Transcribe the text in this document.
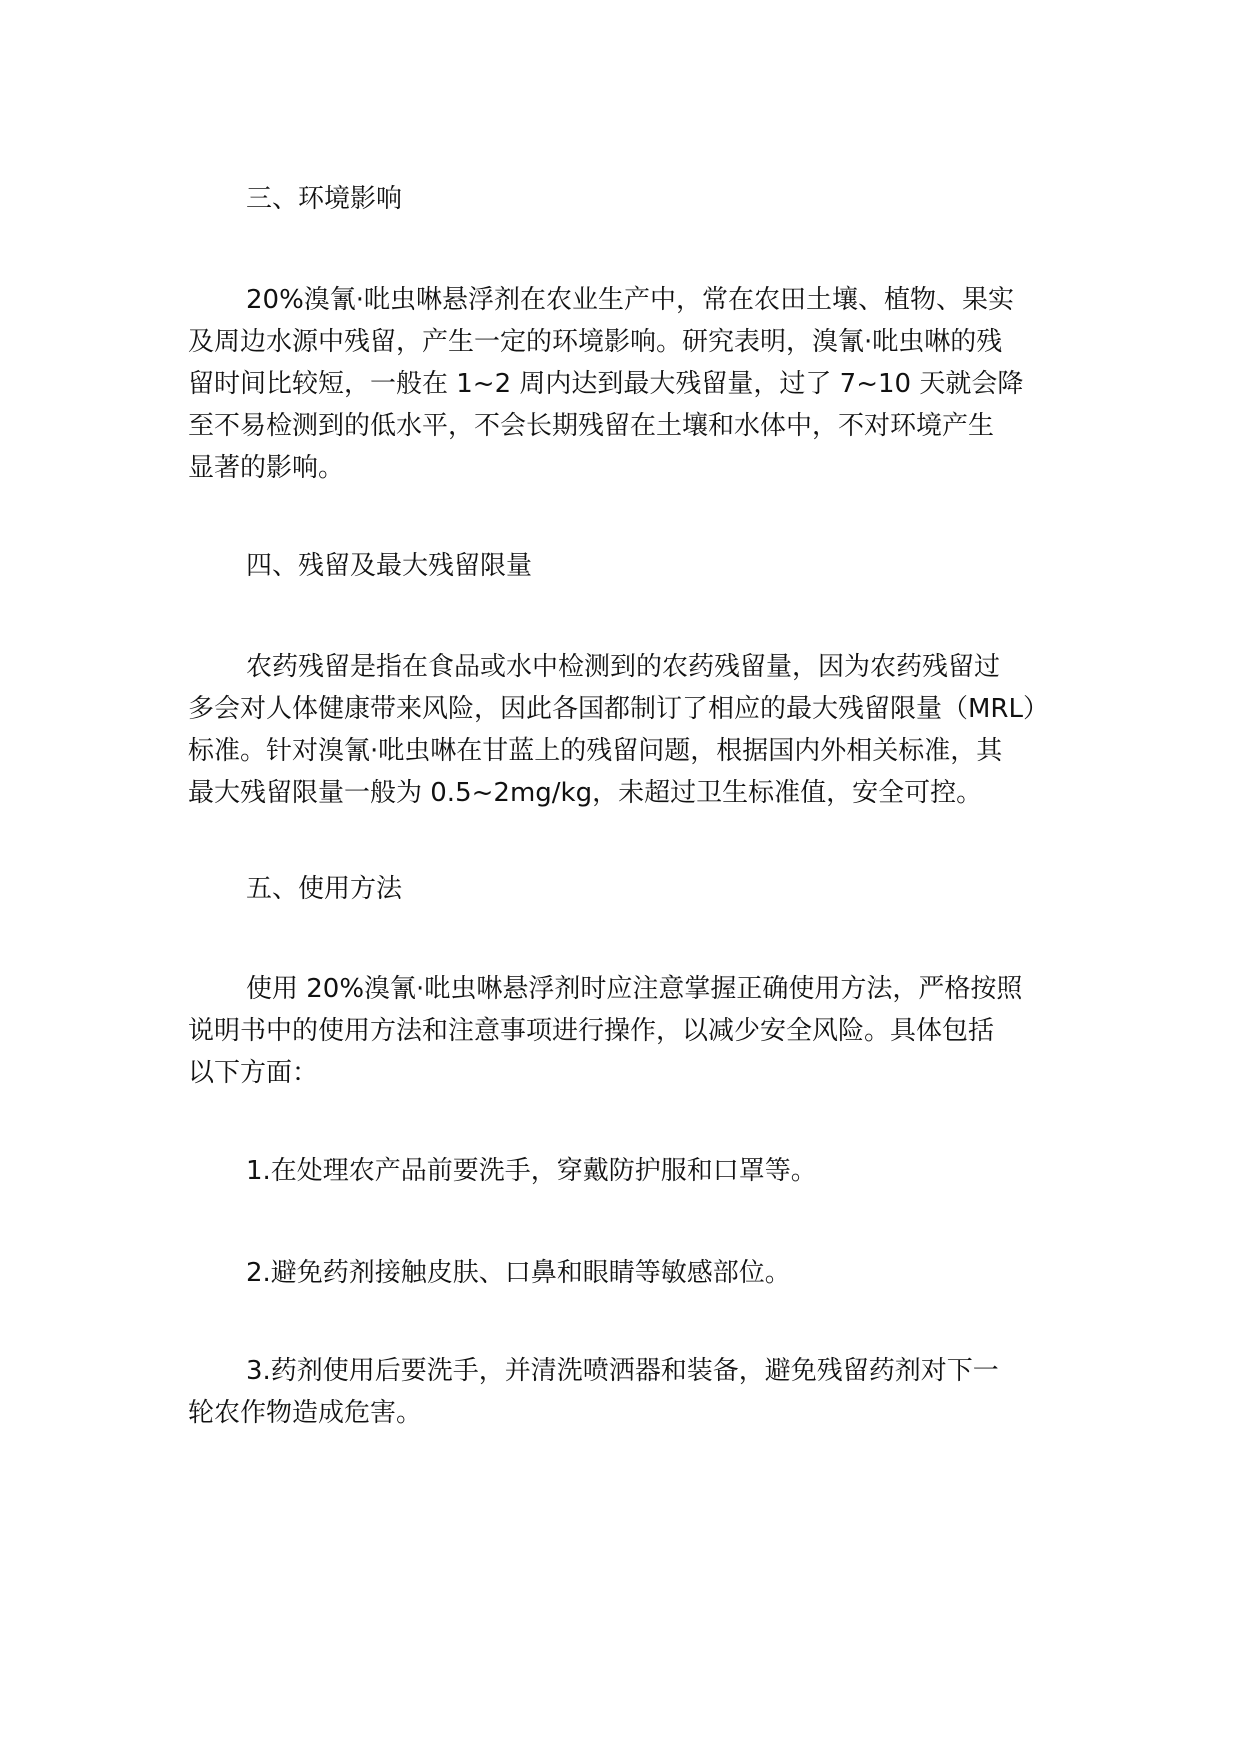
三、环境影响

20%溴氰·吡虫啉悬浮剂在农业生产中，常在农田土壤、植物、果实
及周边水源中残留，产生一定的环境影响。研究表明，溴氰·吡虫啉的残
留时间比较短，一般在 1~2 周内达到最大残留量，过了 7~10 天就会降
至不易检测到的低水平，不会长期残留在土壤和水体中，不对环境产生
显著的影响。

四、残留及最大残留限量

农药残留是指在食品或水中检测到的农药残留量，因为农药残留过
多会对人体健康带来风险，因此各国都制订了相应的最大残留限量（MRL）
标准。针对溴氰·吡虫啉在甘蓝上的残留问题，根据国内外相关标准，其
最大残留限量一般为 0.5~2mg/kg，未超过卫生标准值，安全可控。

五、使用方法

使用 20%溴氰·吡虫啉悬浮剂时应注意掌握正确使用方法，严格按照
说明书中的使用方法和注意事项进行操作，以减少安全风险。具体包括
以下方面：
1.在处理农产品前要洗手，穿戴防护服和口罩等。
2.避免药剂接触皮肤、口鼻和眼睛等敏感部位。
3.药剂使用后要洗手，并清洗喷洒器和装备，避免残留药剂对下一
轮农作物造成危害。
